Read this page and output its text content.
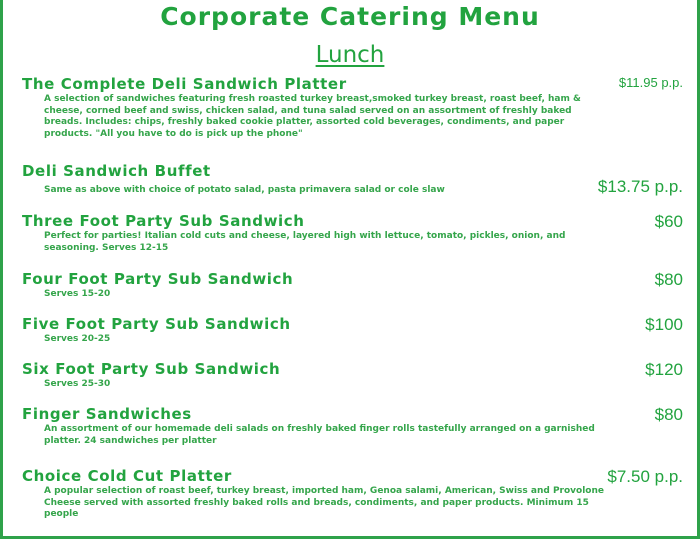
Corporate Catering Menu
Lunch
The Complete Deli Sandwich Platter	$11.95 p.p.
A selection of sandwiches featuring fresh roasted turkey breast,smoked turkey breast, roast beef, ham & cheese, corned beef and swiss, chicken salad, and tuna salad served on an assortment of freshly baked breads. Includes: chips, freshly baked cookie platter, assorted cold beverages, condiments, and paper products. "All you have to do is pick up the phone"
Deli Sandwich Buffet
$13.75 p.p.
Same as above with choice of potato salad, pasta primavera salad or cole slaw
Three Foot Party Sub Sandwich	$60
Perfect for parties! Italian cold cuts and cheese, layered high with lettuce, tomato, pickles, onion, and seasoning. Serves 12-15
Four Foot Party Sub Sandwich	$80
Serves 15-20
Five Foot Party Sub Sandwich	$100
Serves 20-25
Six Foot Party Sub Sandwich	$120
Serves 25-30
Finger Sandwiches	$80
An assortment of our homemade deli salads on freshly baked finger rolls tastefully arranged on a garnished platter. 24 sandwiches per platter
Choice Cold Cut Platter	$7.50 p.p.
A popular selection of roast beef, turkey breast, imported ham, Genoa salami, American, Swiss and Provolone Cheese served with assorted freshly baked rolls and breads, condiments, and paper products. Minimum 15 people
